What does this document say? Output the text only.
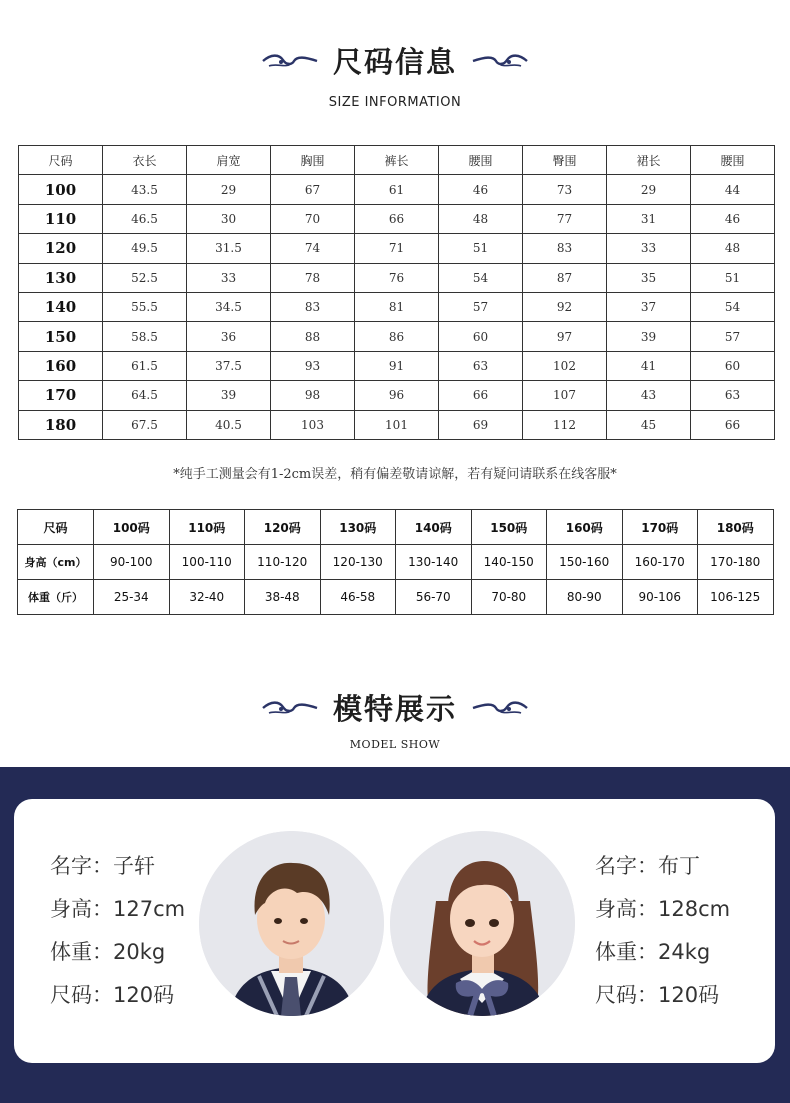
尺码信息
SIZE INFORMATION
尺码	衣长	肩宽	胸围	裤长	腰围	臀围	裙长	腰围
100	43.5	29	67	61	46	73	29	44
110	46.5	30	70	66	48	77	31	46
120	49.5	31.5	74	71	51	83	33	48
130	52.5	33	78	76	54	87	35	51
140	55.5	34.5	83	81	57	92	37	54
150	58.5	36	88	86	60	97	39	57
160	61.5	37.5	93	91	63	102	41	60
170	64.5	39	98	96	66	107	43	63
180	67.5	40.5	103	101	69	112	45	66
*纯手工测量会有1-2cm误差，稍有偏差敬请谅解，若有疑问请联系在线客服*
尺码	100码	110码	120码	130码	140码	150码	160码	170码	180码
身高（cm）	90-100	100-110	110-120	120-130	130-140	140-150	150-160	160-170	170-180
体重（斤）	25-34	32-40	38-48	46-58	56-70	70-80	80-90	90-106	106-125
模特展示
MODEL SHOW
名字：子轩
身高：127cm
体重：20kg
尺码：120码
名字：布丁
身高：128cm
体重：24kg
尺码：120码
